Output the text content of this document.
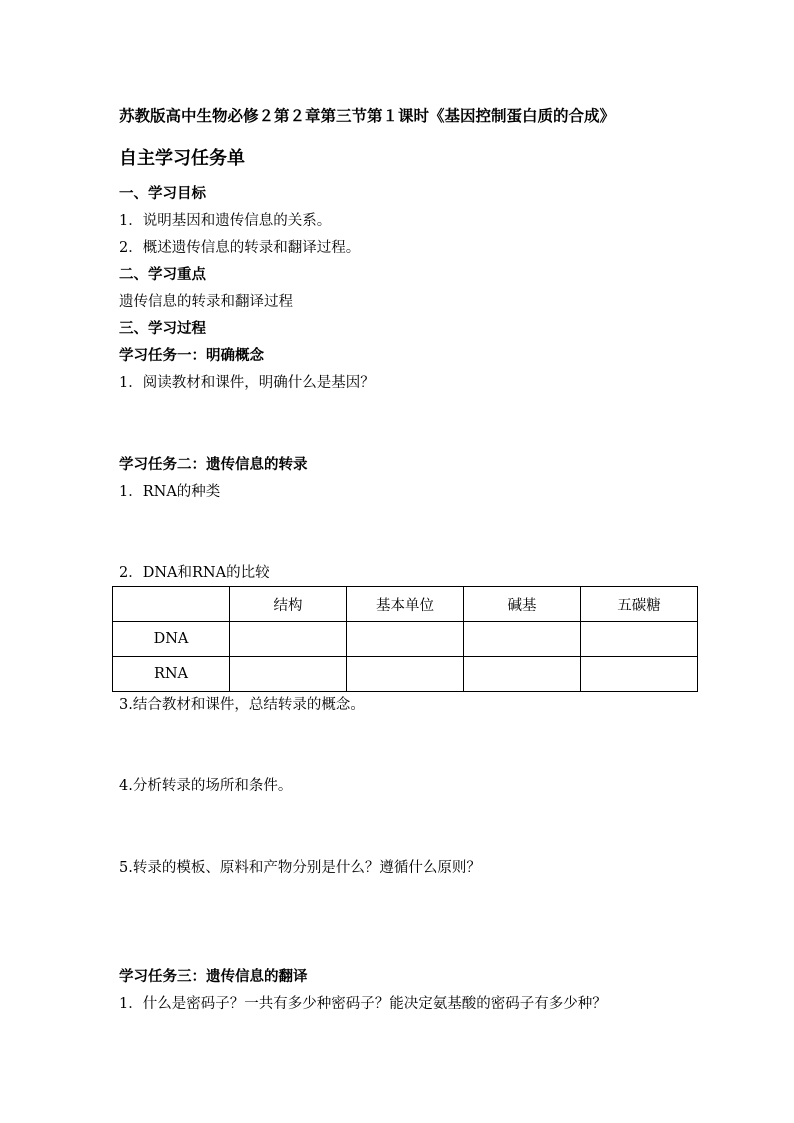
苏教版高中生物必修２第２章第三节第１课时《基因控制蛋白质的合成》
自主学习任务单
一、学习目标
1．说明基因和遗传信息的关系。
2．概述遗传信息的转录和翻译过程。
二、学习重点
遗传信息的转录和翻译过程
三、学习过程
学习任务一：明确概念
1．阅读教材和课件，明确什么是基因？
学习任务二：遗传信息的转录
1．RNA的种类
2．DNA和RNA的比较
	结构	基本单位	碱基	五碳糖
DNA				
RNA				
3.结合教材和课件，总结转录的概念。
4.分析转录的场所和条件。
5.转录的模板、原料和产物分别是什么？遵循什么原则？
学习任务三：遗传信息的翻译
1．什么是密码子？一共有多少种密码子？能决定氨基酸的密码子有多少种？
